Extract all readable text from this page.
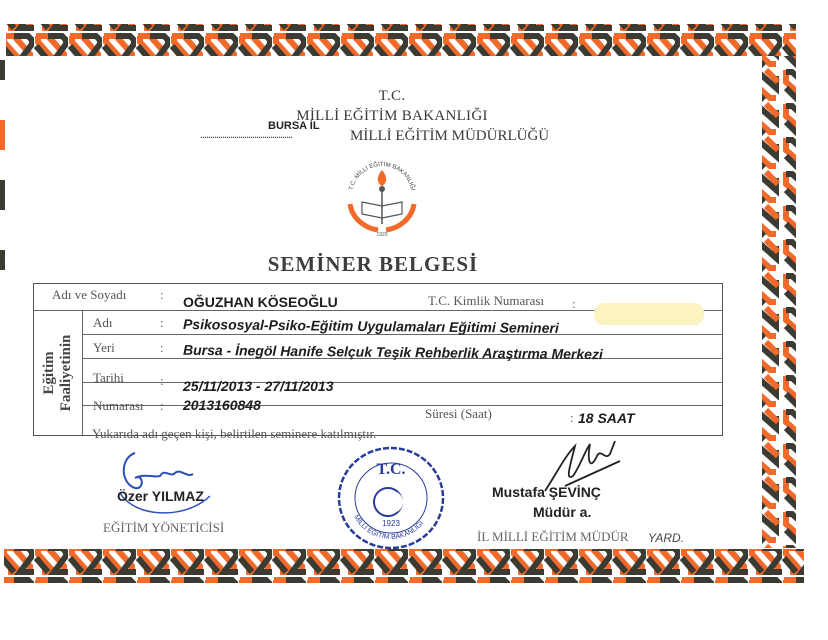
T.C.
MİLLİ EĞİTİM BAKANLIĞI
BURSA İL
..............................................	MİLLİ EĞİTİM MÜDÜRLÜĞÜ
T.C. MİLLİ EĞİTİM BAKANLIĞI
1920
SEMİNER BELGESİ
Adı ve Soyadı	: OĞUZHAN KÖSEOĞLU	T.C. Kimlik Numarası :
Eğitim Faaliyetinin
Adı	: Psikososyal-Psiko-Eğitim Uygulamaları Eğitimi Semineri
Yeri	: Bursa - İnegöl Hanife Selçuk Teşik Rehberlik Araştırma Merkezi
Tarihi	: 25/11/2013 - 27/11/2013
Numarası : 2013160848
Süresi (Saat)	: 18 SAAT
Yukarıda adı geçen kişi, belirtilen seminere katılmıştır.
Özer YILMAZ
EĞİTİM YÖNETİCİSİ
T.C.
1923
MİLLİ EĞİTİM BAKANLIĞI
Mustafa ŞEVİNÇ
Müdür a.
İL MİLLİ EĞİTİM MÜDÜR YARD.
